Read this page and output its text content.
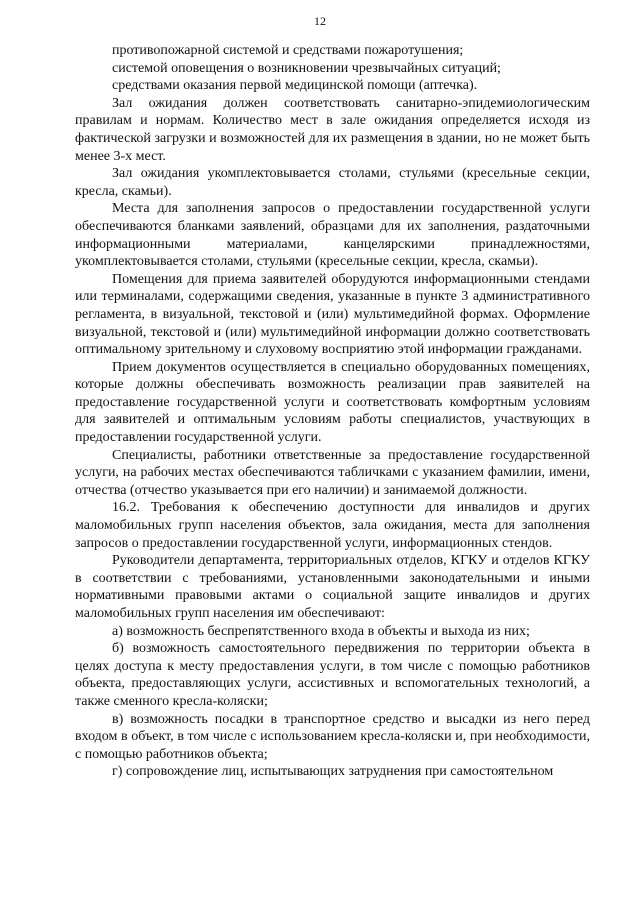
12

противопожарной системой и средствами пожаротушения;

системой оповещения о возникновении чрезвычайных ситуаций;

средствами оказания первой медицинской помощи (аптечка).

Зал ожидания должен соответствовать санитарно-эпидемиологическим правилам и нормам. Количество мест в зале ожидания определяется исходя из фактической загрузки и возможностей для их размещения в здании, но не может быть менее 3-х мест.

Зал ожидания укомплектовывается столами, стульями (кресельные секции, кресла, скамьи).

Места для заполнения запросов о предоставлении государственной услуги обеспечиваются бланками заявлений, образцами для их заполнения, раздаточными информационными материалами, канцелярскими принадлежностями, укомплектовывается столами, стульями (кресельные секции, кресла, скамьи).

Помещения для приема заявителей оборудуются информационными стендами или терминалами, содержащими сведения, указанные в пункте 3 административного регламента, в визуальной, текстовой и (или) мультимедийной формах. Оформление визуальной, текстовой и (или) мультимедийной информации должно соответствовать оптимальному зрительному и слуховому восприятию этой информации гражданами.

Прием документов осуществляется в специально оборудованных помещениях, которые должны обеспечивать возможность реализации прав заявителей на предоставление государственной услуги и соответствовать комфортным условиям для заявителей и оптимальным условиям работы специалистов, участвующих в предоставлении государственной услуги.

Специалисты, работники ответственные за предоставление государственной услуги, на рабочих местах обеспечиваются табличками с указанием фамилии, имени, отчества (отчество указывается при его наличии) и занимаемой должности.

16.2. Требования к обеспечению доступности для инвалидов и других маломобильных групп населения объектов, зала ожидания, места для заполнения запросов о предоставлении государственной услуги, информационных стендов.

Руководители департамента, территориальных отделов, КГКУ и отделов КГКУ в соответствии с требованиями, установленными законодательными и иными нормативными правовыми актами о социальной защите инвалидов и других маломобильных групп населения им обеспечивают:

а) возможность беспрепятственного входа в объекты и выхода из них;

б) возможность самостоятельного передвижения по территории объекта в целях доступа к месту предоставления услуги, в том числе с помощью работников объекта, предоставляющих услуги, ассистивных и вспомогательных технологий, а также сменного кресла-коляски;

в) возможность посадки в транспортное средство и высадки из него перед входом в объект, в том числе с использованием кресла-коляски и, при необходимости, с помощью работников объекта;

г) сопровождение лиц, испытывающих затруднения при самостоятельном
